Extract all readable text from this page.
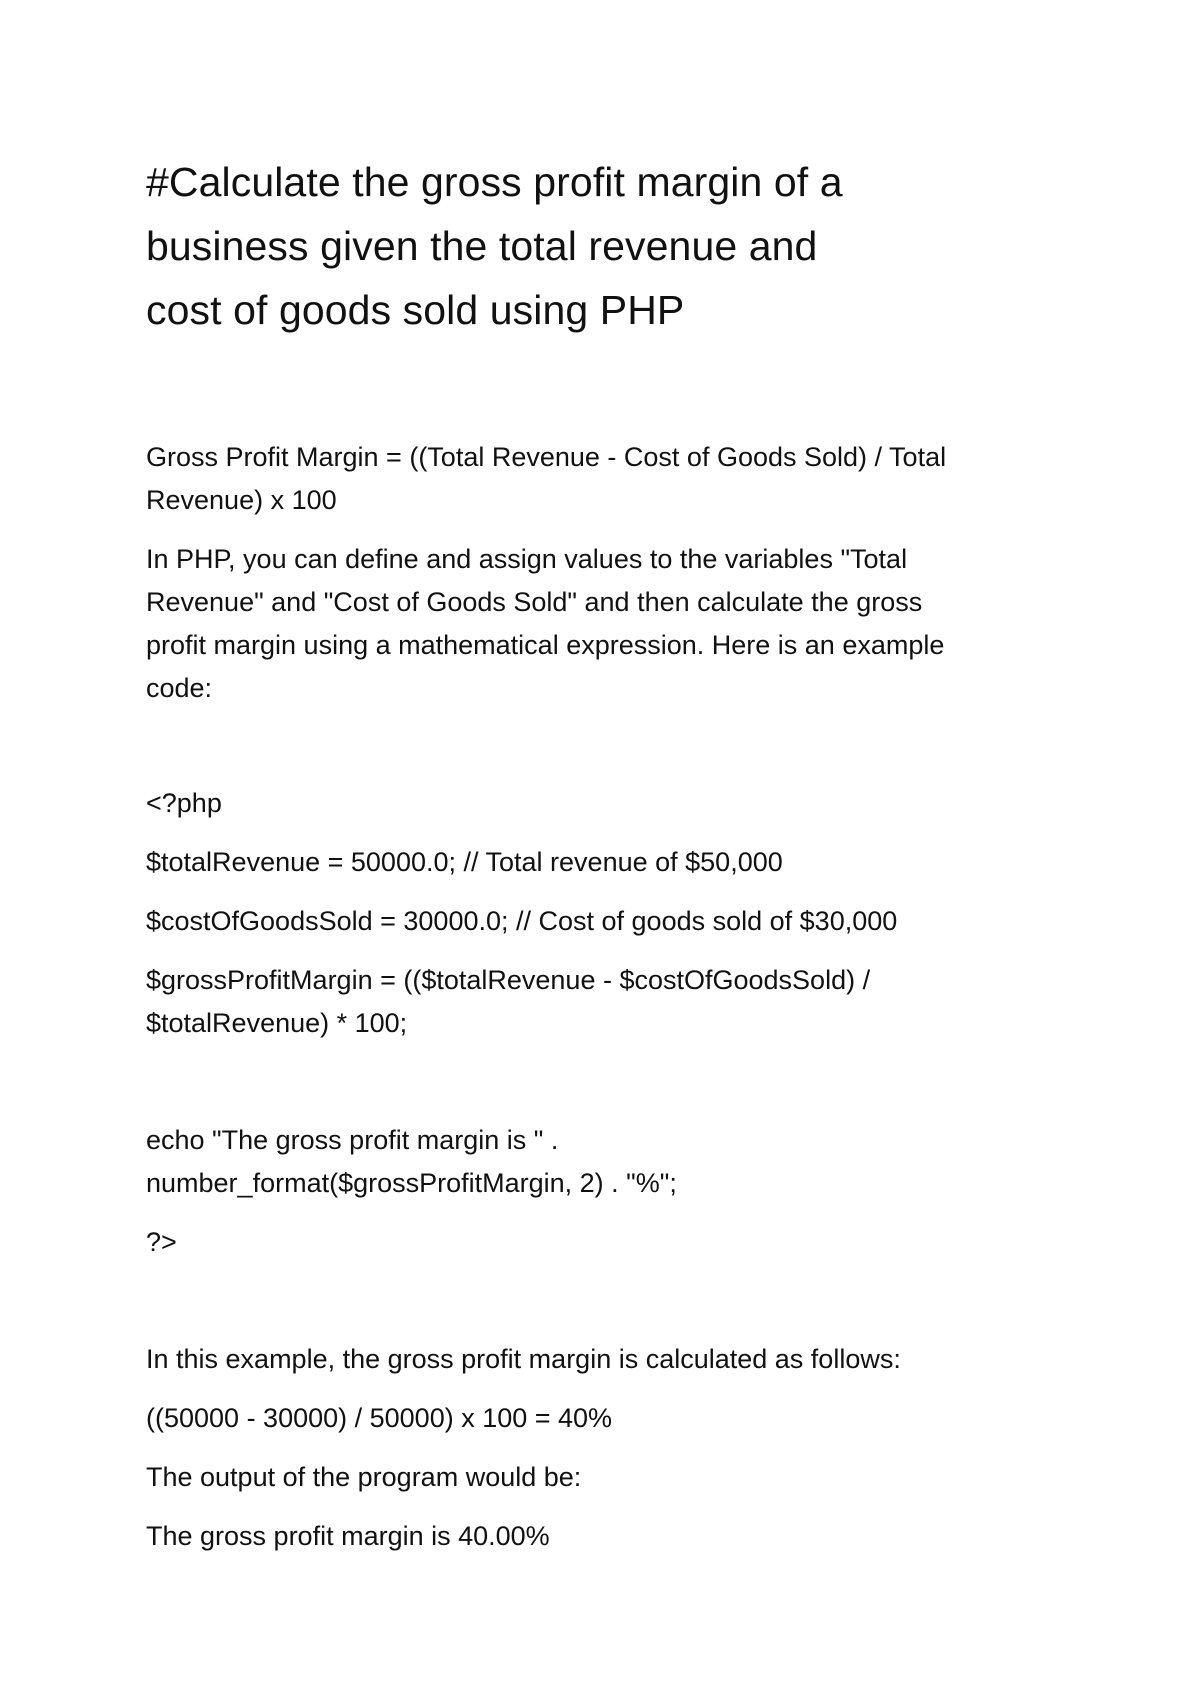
#Calculate the gross profit margin of a
business given the total revenue and
cost of goods sold using PHP

Gross Profit Margin = ((Total Revenue - Cost of Goods Sold) / Total

Revenue) x 100

In PHP, you can define and assign values to the variables "Total

Revenue" and "Cost of Goods Sold" and then calculate the gross

profit margin using a mathematical expression. Here is an example

code:

<?php

$totalRevenue = 50000.0; // Total revenue of $50,000

$costOfGoodsSold = 30000.0; // Cost of goods sold of $30,000

$grossProfitMargin = (($totalRevenue - $costOfGoodsSold) /

$totalRevenue) * 100;

echo "The gross profit margin is " .

number_format($grossProfitMargin, 2) . "%";

?>

In this example, the gross profit margin is calculated as follows:

((50000 - 30000) / 50000) x 100 = 40%

The output of the program would be:

The gross profit margin is 40.00%
